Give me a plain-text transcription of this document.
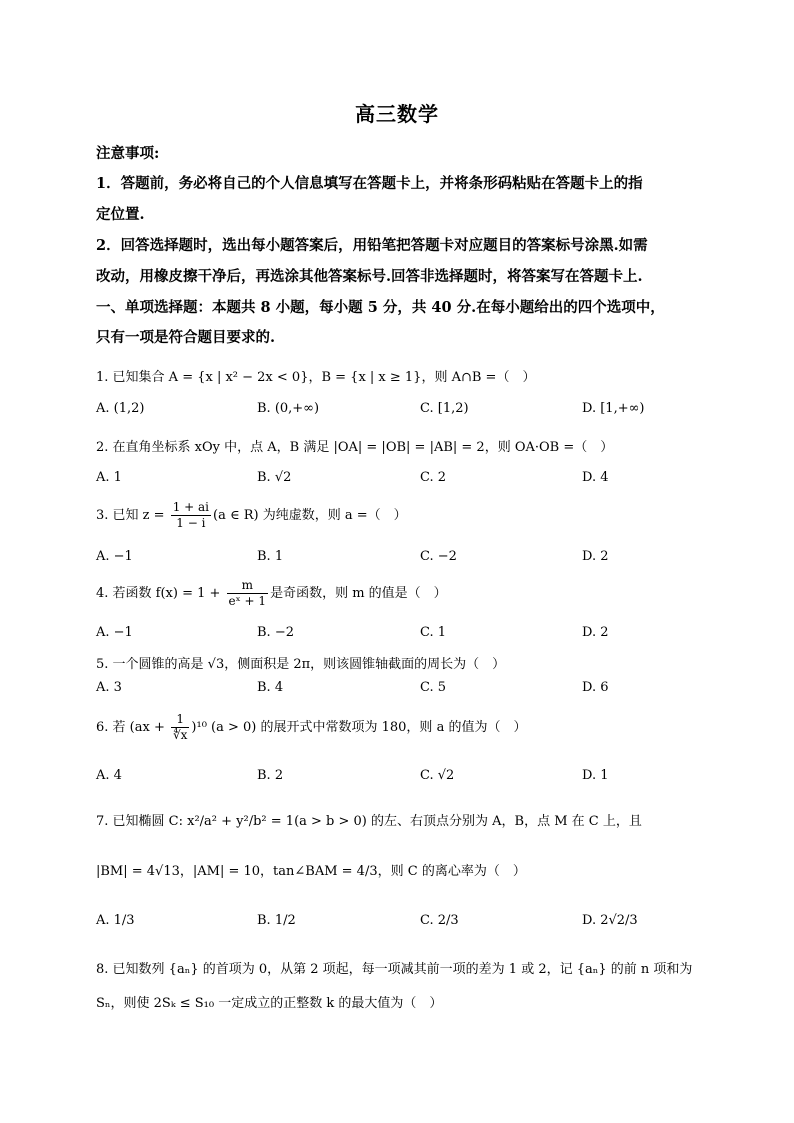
高三数学
注意事项:
1．答题前，务必将自己的个人信息填写在答题卡上，并将条形码粘贴在答题卡上的指
定位置.
2．回答选择题时，选出每小题答案后，用铅笔把答题卡对应题目的答案标号涂黑.如需
改动，用橡皮擦干净后，再选涂其他答案标号.回答非选择题时，将答案写在答题卡上.
一、单项选择题：本题共 8 小题，每小题 5 分，共 40 分.在每小题给出的四个选项中，
只有一项是符合题目要求的.
1. 已知集合 A = {x | x² − 2x < 0}，B = {x | x ≥ 1}，则 A∩B =（　）
A. (1,2)	B. (0,+∞)	C. [1,2)	D. [1,+∞)
2. 在直角坐标系 xOy 中，点 A，B 满足 |OA| = |OB| = |AB| = 2，则 OA·OB =（　）
A. 1	B. √2	C. 2	D. 4
3. 已知 $z = \frac{1 + ai}{1 - i} (a$ ∈ R) 为纯虚数，则 a =（　）
A. −1	B. 1	C. −2	D. 2
4. 若函数 $f(x) = 1 + \frac{m}{\text{eˣ + 1}}$ 是奇函数，则 m 的值是（　）
A. −1	B. −2	C. 1	D. 2
5. 一个圆锥的高是 √3，侧面积是 2π，则该圆锥轴截面的周长为（　）
A. 3	B. 4	C. 5	D. 6
6. 若 $(ax + \frac{1}{∜x} )^{10}$ (a > 0) 的展开式中常数项为 180，则 a 的值为（　）
A. 4	B. 2	C. √2	D. 1
7. 已知椭圆 C: x²/a² + y²/b² = 1(a > b > 0) 的左、右顶点分别为 A，B，点 M 在 C 上，且
|BM| = 4√13，|AM| = 10，tan∠BAM = 4/3，则 C 的离心率为（　）
A. 1/3	B. 1/2	C. 2/3	D. 2√2/3
8. 已知数列 {aₙ} 的首项为 0，从第 2 项起，每一项减其前一项的差为 1 或 2，记 {aₙ} 的前 n 项和为
Sₙ，则使 2Sₖ ≤ S₁₀ 一定成立的正整数 k 的最大值为（　）
